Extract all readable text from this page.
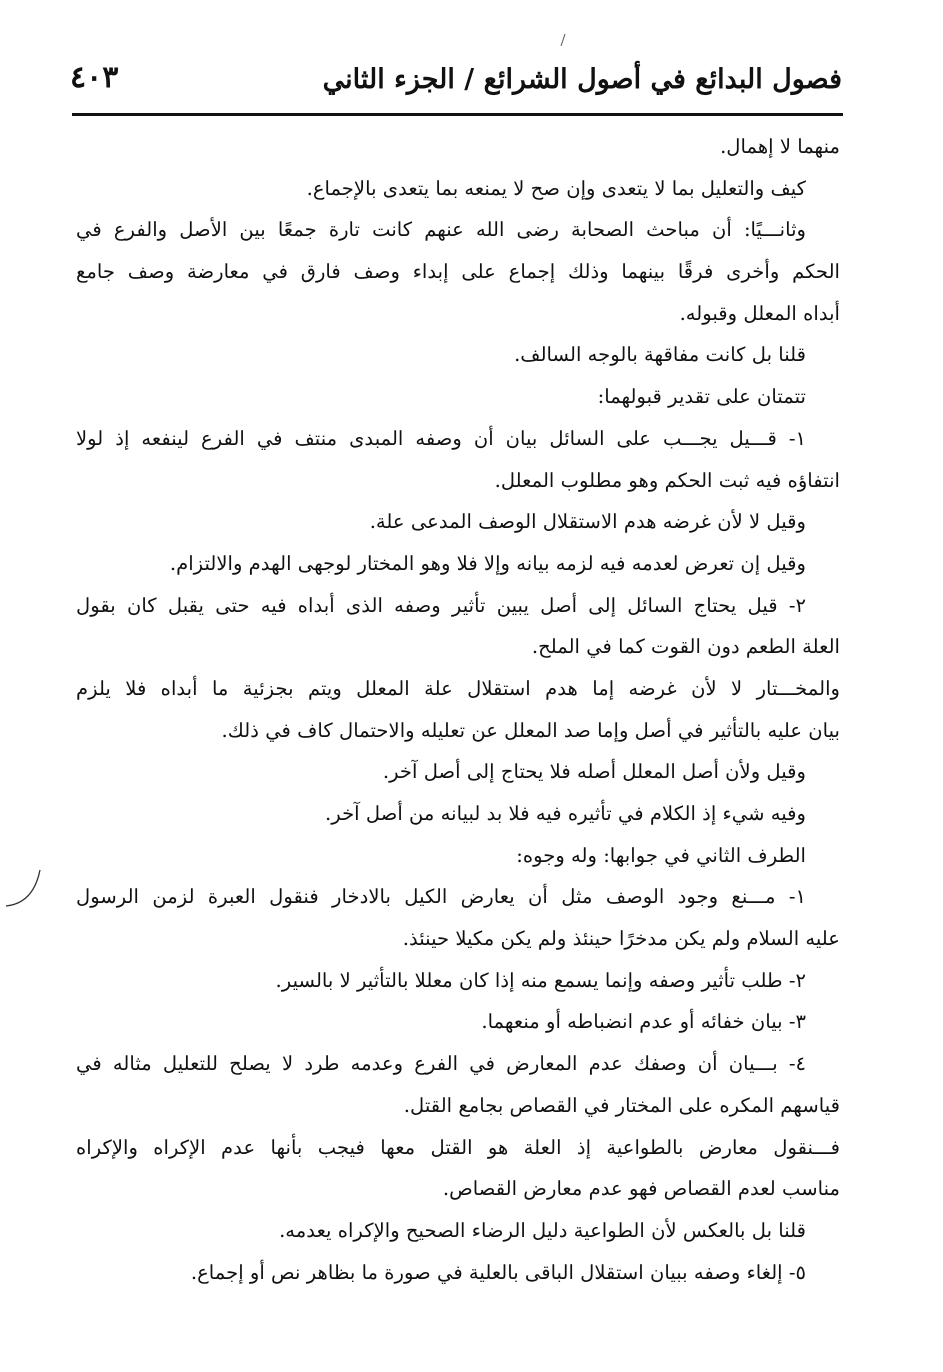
فصول البدائع في أصول الشرائع / الجزء الثاني
٤٠٣
منهما لا إهمال.
كيف والتعليل بما لا يتعدى وإن صح لا يمنعه بما يتعدى بالإجماع.
وثانـــيًا: أن مباحث الصحابة رضى الله عنهم كانت تارة جمعًا بين الأصل والفرع في
الحكم وأخرى فرقًا بينهما وذلك إجماع على إبداء وصف فارق في معارضة وصف جامع
أبداه المعلل وقبوله.
قلنا بل كانت مفاقهة بالوجه السالف.
تتمتان على تقدير قبولهما:
١- قـــيل يجـــب على السائل بيان أن وصفه المبدى منتف في الفرع لينفعه إذ لولا
انتفاؤه فيه ثبت الحكم وهو مطلوب المعلل.
وقيل لا لأن غرضه هدم الاستقلال الوصف المدعى علة.
وقيل إن تعرض لعدمه فيه لزمه بيانه وإلا فلا وهو المختار لوجهى الهدم والالتزام.
٢- قيل يحتاج السائل إلى أصل يبين تأثير وصفه الذى أبداه فيه حتى يقبل كان بقول
العلة الطعم دون القوت كما في الملح.
والمخـــتار لا لأن غرضه إما هدم استقلال علة المعلل ويتم بجزئية ما أبداه فلا يلزم
بيان عليه بالتأثير في أصل وإما صد المعلل عن تعليله والاحتمال كاف في ذلك.
وقيل ولأن أصل المعلل أصله فلا يحتاج إلى أصل آخر.
وفيه شيء إذ الكلام في تأثيره فيه فلا بد لبيانه من أصل آخر.
الطرف الثاني في جوابها: وله وجوه:
١- مـــنع وجود الوصف مثل أن يعارض الكيل بالادخار فنقول العبرة لزمن الرسول
عليه السلام ولم يكن مدخرًا حينئذ ولم يكن مكيلا حينئذ.
٢- طلب تأثير وصفه وإنما يسمع منه إذا كان معللا بالتأثير لا بالسير.
٣- بيان خفائه أو عدم انضباطه أو منعهما.
٤- بـــيان أن وصفك عدم المعارض في الفرع وعدمه طرد لا يصلح للتعليل مثاله في
قياسهم المكره على المختار في القصاص بجامع القتل.
فـــنقول معارض بالطواعية إذ العلة هو القتل معها فيجب بأنها عدم الإكراه والإكراه
مناسب لعدم القصاص فهو عدم معارض القصاص.
قلنا بل بالعكس لأن الطواعية دليل الرضاء الصحيح والإكراه يعدمه.
٥- إلغاء وصفه ببيان استقلال الباقى بالعلية في صورة ما بظاهر نص أو إجماع.
